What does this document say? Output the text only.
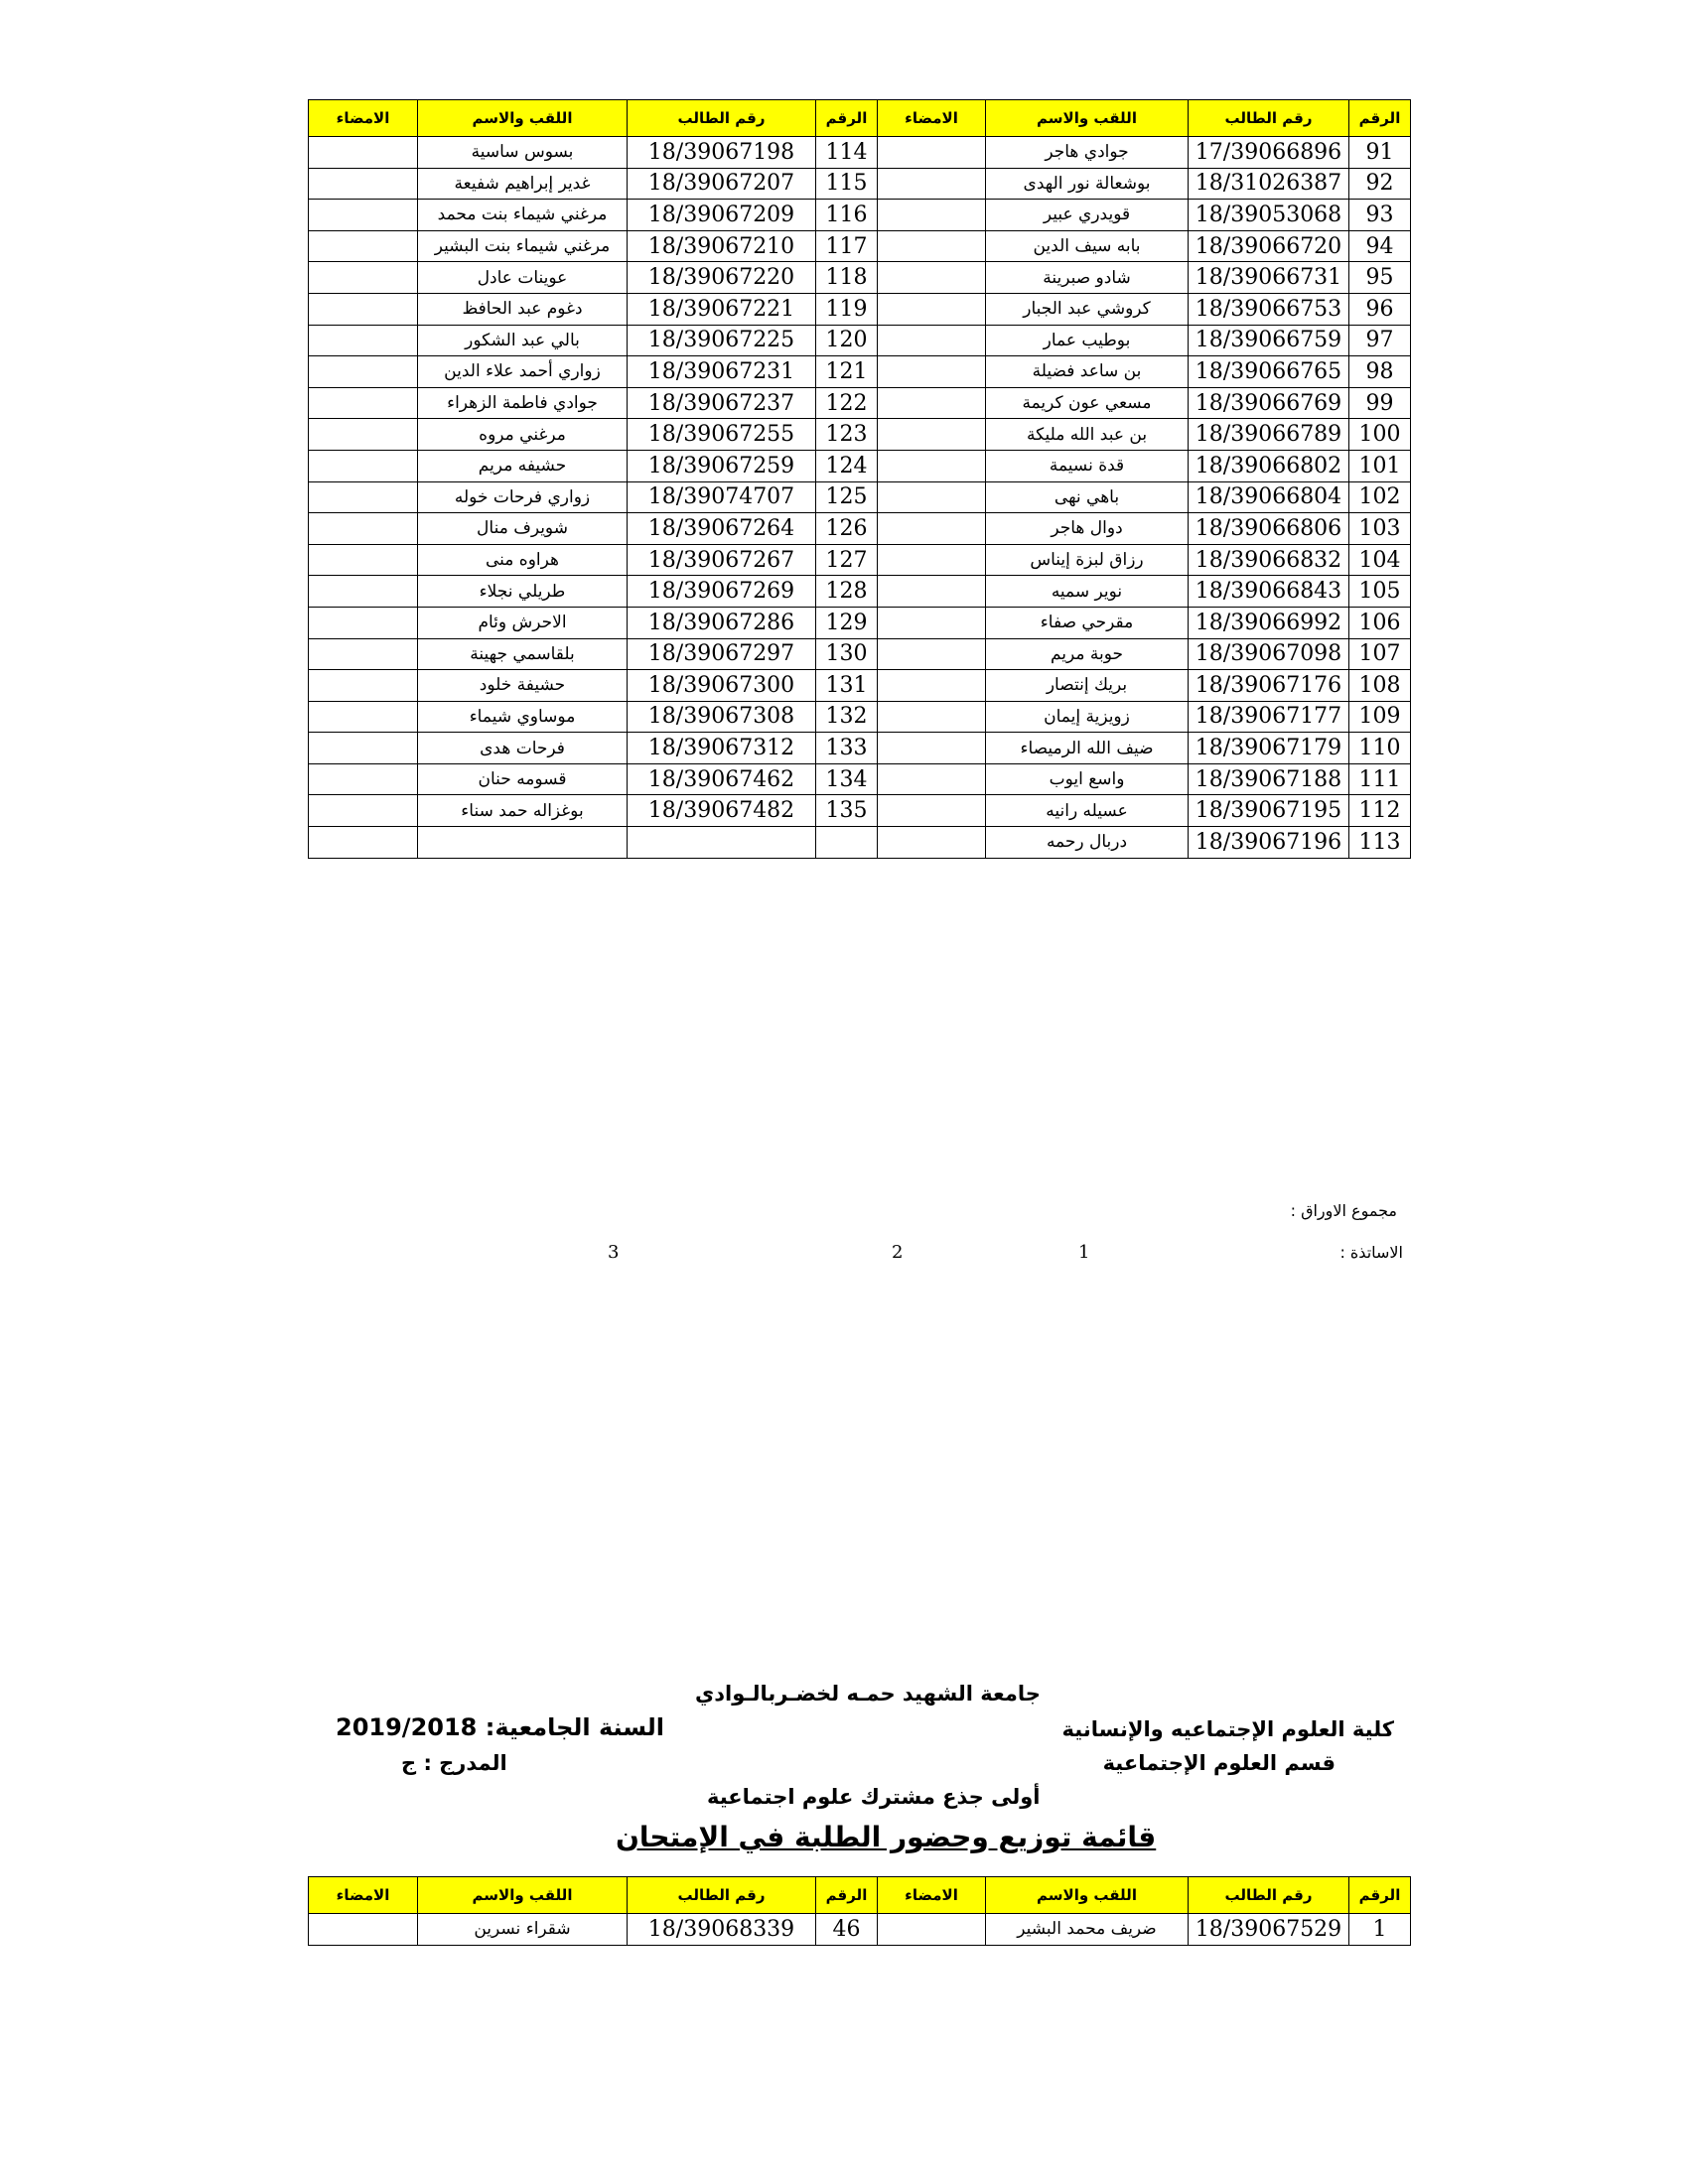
الرقم	رقم الطالب	اللقب والاسم	الامضاء	الرقم	رقم الطالب	اللقب والاسم	الامضاء
91	17/39066896	جوادي هاجر		114	18/39067198	بسوس ساسية	
92	18/31026387	بوشعالة نور الهدى		115	18/39067207	غدير إبراهيم شفيعة	
93	18/39053068	قويدري عبير		116	18/39067209	مرغني شيماء بنت محمد	
94	18/39066720	بابه سيف الدين		117	18/39067210	مرغني شيماء بنت البشير	
95	18/39066731	شادو صبرينة		118	18/39067220	عوينات عادل	
96	18/39066753	كروشي عبد الجبار		119	18/39067221	دغوم عبد الحافظ	
97	18/39066759	بوطيب عمار		120	18/39067225	بالي عبد الشكور	
98	18/39066765	بن ساعد فضيلة		121	18/39067231	زواري أحمد علاء الدين	
99	18/39066769	مسعي عون كريمة		122	18/39067237	جوادي فاطمة الزهراء	
100	18/39066789	بن عبد الله مليكة		123	18/39067255	مرغني مروه	
101	18/39066802	قدة نسيمة		124	18/39067259	حشيفه مريم	
102	18/39066804	باهي نهى		125	18/39074707	زواري فرحات خوله	
103	18/39066806	دوال هاجر		126	18/39067264	شويرف منال	
104	18/39066832	رزاق لبزة إيناس		127	18/39067267	هراوه منى	
105	18/39066843	نوير سميه		128	18/39067269	طريلي نجلاء	
106	18/39066992	مقرحي صفاء		129	18/39067286	الاحرش وئام	
107	18/39067098	حوبة مريم		130	18/39067297	بلقاسمي جهينة	
108	18/39067176	بريك إنتصار		131	18/39067300	حشيفة خلود	
109	18/39067177	زويزية إيمان		132	18/39067308	موساوي شيماء	
110	18/39067179	ضيف الله الرميصاء		133	18/39067312	فرحات هدى	
111	18/39067188	واسع ايوب		134	18/39067462	قسومه حنان	
112	18/39067195	عسيله رانيه		135	18/39067482	بوغزاله حمد سناء	
113	18/39067196	دربال رحمه					
مجموع الاوراق :
الاساتذة :
1
2
3
جامعة الشهيد حمـه لخضـربالـوادي
كلية العلوم الإجتماعيه والإنسانية
السنة الجامعية: 2019/2018
قسم العلوم الإجتماعية
المدرج : ج
أولى جذع مشترك علوم اجتماعية
قائمة توزيع وحضور الطلبة في الإمتحان
الرقم	رقم الطالب	اللقب والاسم	الامضاء	الرقم	رقم الطالب	اللقب والاسم	الامضاء
1	18/39067529	ضريف محمد البشير		46	18/39068339	شقراء نسرين	
